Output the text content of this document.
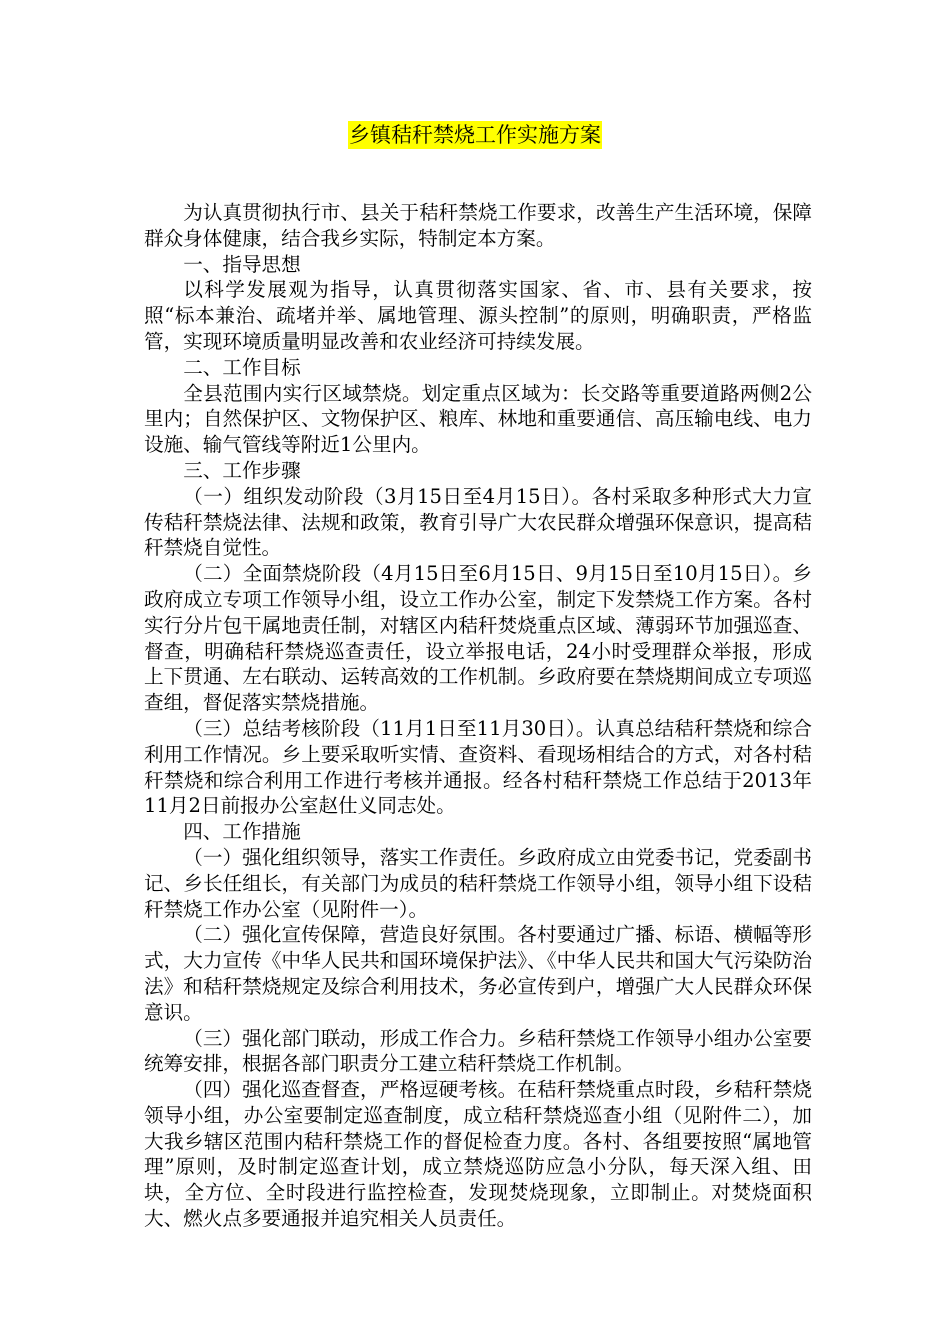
乡镇秸秆禁烧工作实施方案

为认真贯彻执行市、县关于秸秆禁烧工作要求，改善生产生活环境，保障群众身体健康，结合我乡实际，特制定本方案。

一、指导思想

以科学发展观为指导，认真贯彻落实国家、省、市、县有关要求，按照“标本兼治、疏堵并举、属地管理、源头控制”的原则，明确职责，严格监管，实现环境质量明显改善和农业经济可持续发展。

二、工作目标

全县范围内实行区域禁烧。划定重点区域为：长交路等重要道路两侧2公里内；自然保护区、文物保护区、粮库、林地和重要通信、高压输电线、电力设施、输气管线等附近1公里内。

三、工作步骤

（一）组织发动阶段（3月15日至4月15日）。各村采取多种形式大力宣传秸秆禁烧法律、法规和政策，教育引导广大农民群众增强环保意识，提高秸秆禁烧自觉性。

（二）全面禁烧阶段（4月15日至6月15日、9月15日至10月15日）。乡政府成立专项工作领导小组，设立工作办公室，制定下发禁烧工作方案。各村实行分片包干属地责任制，对辖区内秸秆焚烧重点区域、薄弱环节加强巡查、督查，明确秸秆禁烧巡查责任，设立举报电话，24小时受理群众举报，形成上下贯通、左右联动、运转高效的工作机制。乡政府要在禁烧期间成立专项巡查组，督促落实禁烧措施。

（三）总结考核阶段（11月1日至11月30日）。认真总结秸秆禁烧和综合利用工作情况。乡上要采取听实情、查资料、看现场相结合的方式，对各村秸秆禁烧和综合利用工作进行考核并通报。经各村秸秆禁烧工作总结于2013年11月2日前报办公室赵仕义同志处。

四、工作措施

（一）强化组织领导，落实工作责任。乡政府成立由党委书记，党委副书记、乡长任组长，有关部门为成员的秸秆禁烧工作领导小组，领导小组下设秸秆禁烧工作办公室（见附件一）。

（二）强化宣传保障，营造良好氛围。各村要通过广播、标语、横幅等形式，大力宣传《中华人民共和国环境保护法》、《中华人民共和国大气污染防治法》和秸秆禁烧规定及综合利用技术，务必宣传到户，增强广大人民群众环保意识。

（三）强化部门联动，形成工作合力。乡秸秆禁烧工作领导小组办公室要统筹安排，根据各部门职责分工建立秸秆禁烧工作机制。

（四）强化巡查督查，严格逗硬考核。在秸秆禁烧重点时段，乡秸秆禁烧领导小组，办公室要制定巡查制度，成立秸秆禁烧巡查小组（见附件二），加大我乡辖区范围内秸秆禁烧工作的督促检查力度。各村、各组要按照“属地管理”原则，及时制定巡查计划，成立禁烧巡防应急小分队，每天深入组、田块，全方位、全时段进行监控检查，发现焚烧现象，立即制止。对焚烧面积大、燃火点多要通报并追究相关人员责任。
